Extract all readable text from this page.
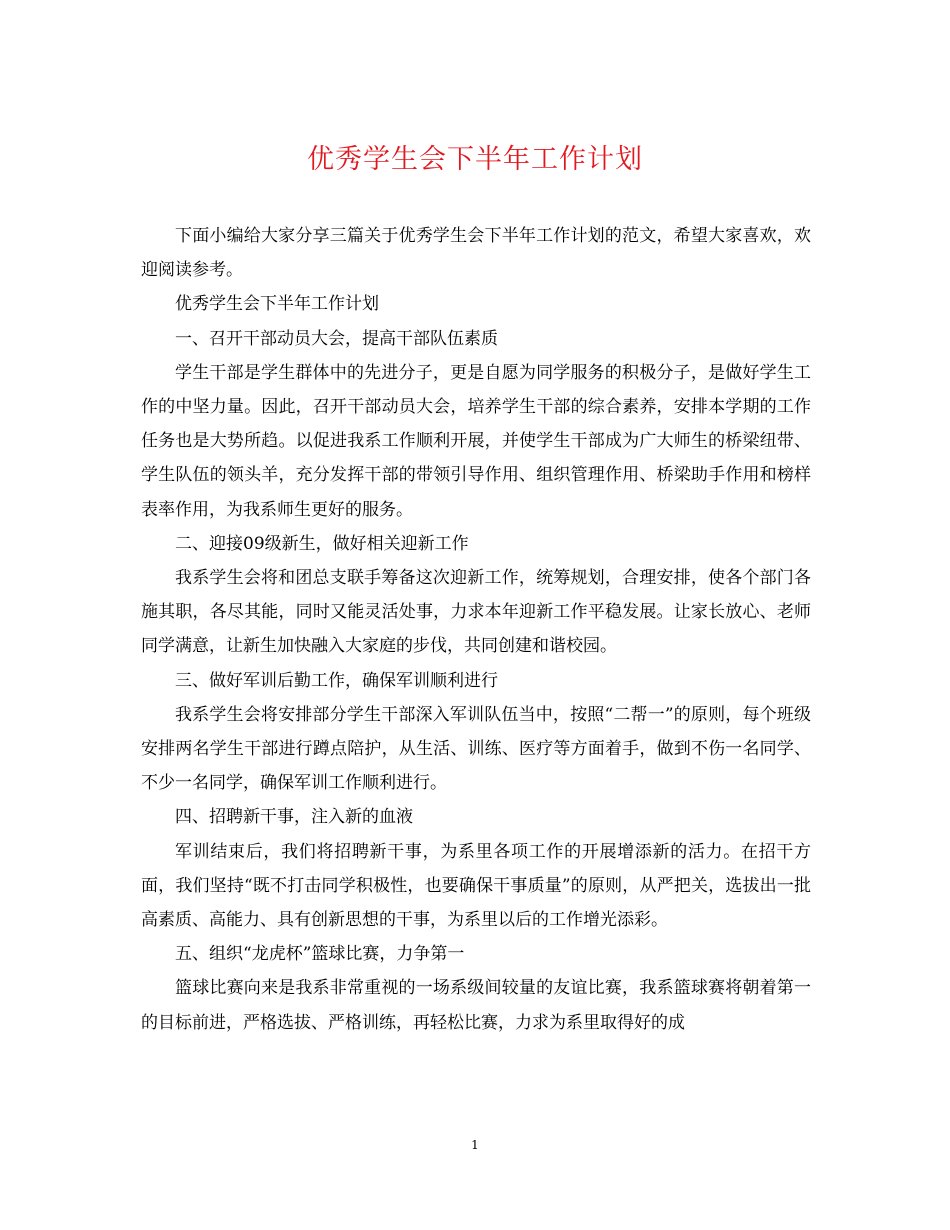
优秀学生会下半年工作计划

下面小编给大家分享三篇关于优秀学生会下半年工作计划的范文，希望大家喜欢，欢迎阅读参考。

优秀学生会下半年工作计划

一、召开干部动员大会，提高干部队伍素质

学生干部是学生群体中的先进分子，更是自愿为同学服务的积极分子，是做好学生工作的中坚力量。因此，召开干部动员大会，培养学生干部的综合素养，安排本学期的工作任务也是大势所趋。以促进我系工作顺利开展，并使学生干部成为广大师生的桥梁纽带、学生队伍的领头羊，充分发挥干部的带领引导作用、组织管理作用、桥梁助手作用和榜样表率作用，为我系师生更好的服务。

二、迎接09级新生，做好相关迎新工作

我系学生会将和团总支联手筹备这次迎新工作，统筹规划，合理安排，使各个部门各施其职，各尽其能，同时又能灵活处事，力求本年迎新工作平稳发展。让家长放心、老师同学满意，让新生加快融入大家庭的步伐，共同创建和谐校园。

三、做好军训后勤工作，确保军训顺利进行

我系学生会将安排部分学生干部深入军训队伍当中，按照“二帮一”的原则，每个班级安排两名学生干部进行蹲点陪护，从生活、训练、医疗等方面着手，做到不伤一名同学、不少一名同学，确保军训工作顺利进行。

四、招聘新干事，注入新的血液

军训结束后，我们将招聘新干事，为系里各项工作的开展增添新的活力。在招干方面，我们坚持“既不打击同学积极性，也要确保干事质量”的原则，从严把关，选拔出一批高素质、高能力、具有创新思想的干事，为系里以后的工作增光添彩。

五、组织“龙虎杯”篮球比赛，力争第一

篮球比赛向来是我系非常重视的一场系级间较量的友谊比赛，我系篮球赛将朝着第一的目标前进，严格选拔、严格训练，再轻松比赛，力求为系里取得好的成

1
